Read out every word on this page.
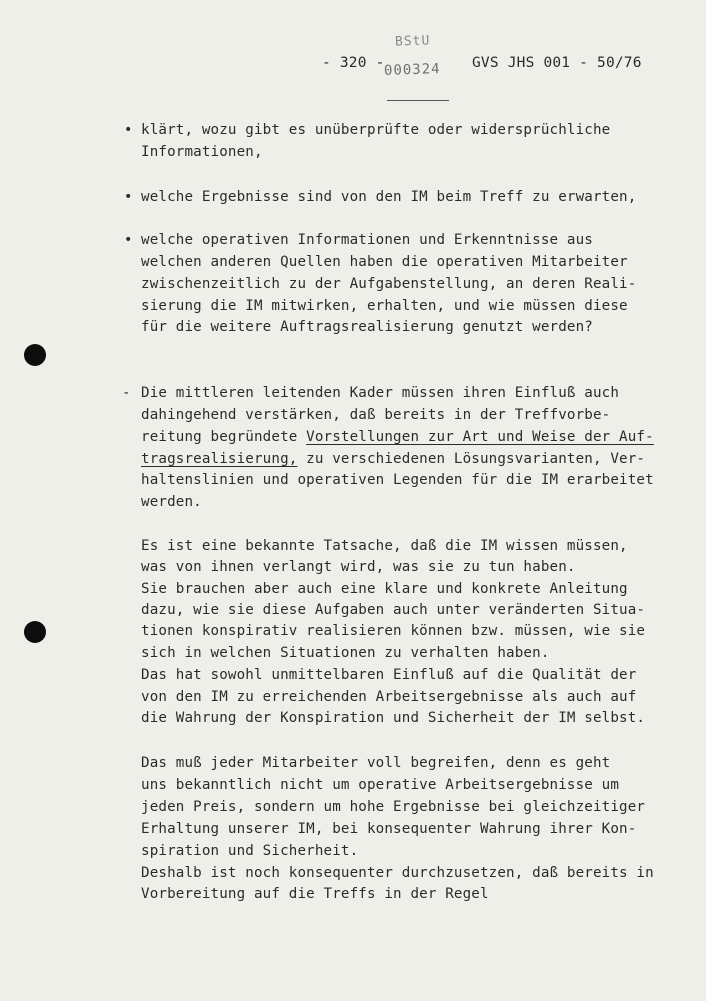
- 320 -
BStU
000324 GVS JHS 001 - 50/76
• klärt, wozu gibt es unüberprüfte oder widersprüchliche
Informationen,
• welche Ergebnisse sind von den IM beim Treff zu erwarten,
• welche operativen Informationen und Erkenntnisse aus
welchen anderen Quellen haben die operativen Mitarbeiter
zwischenzeitlich zu der Aufgabenstellung, an deren Reali-
sierung die IM mitwirken, erhalten, und wie müssen diese
für die weitere Auftragsrealisierung genutzt werden?
- Die mittleren leitenden Kader müssen ihren Einfluß auch
dahingehend verstärken, daß bereits in der Treffvorbe-
reitung begründete Vorstellungen zur Art und Weise der Auf-
tragsrealisierung, zu verschiedenen Lösungsvarianten, Ver-
haltenslinien und operativen Legenden für die IM erarbeitet
werden.
Es ist eine bekannte Tatsache, daß die IM wissen müssen,
was von ihnen verlangt wird, was sie zu tun haben.
Sie brauchen aber auch eine klare und konkrete Anleitung
dazu, wie sie diese Aufgaben auch unter veränderten Situa-
tionen konspirativ realisieren können bzw. müssen, wie sie
sich in welchen Situationen zu verhalten haben.
Das hat sowohl unmittelbaren Einfluß auf die Qualität der
von den IM zu erreichenden Arbeitsergebnisse als auch auf
die Wahrung der Konspiration und Sicherheit der IM selbst.
Das muß jeder Mitarbeiter voll begreifen, denn es geht
uns bekanntlich nicht um operative Arbeitsergebnisse um
jeden Preis, sondern um hohe Ergebnisse bei gleichzeitiger
Erhaltung unserer IM, bei konsequenter Wahrung ihrer Kon-
spiration und Sicherheit.
Deshalb ist noch konsequenter durchzusetzen, daß bereits in
Vorbereitung auf die Treffs in der Regel
